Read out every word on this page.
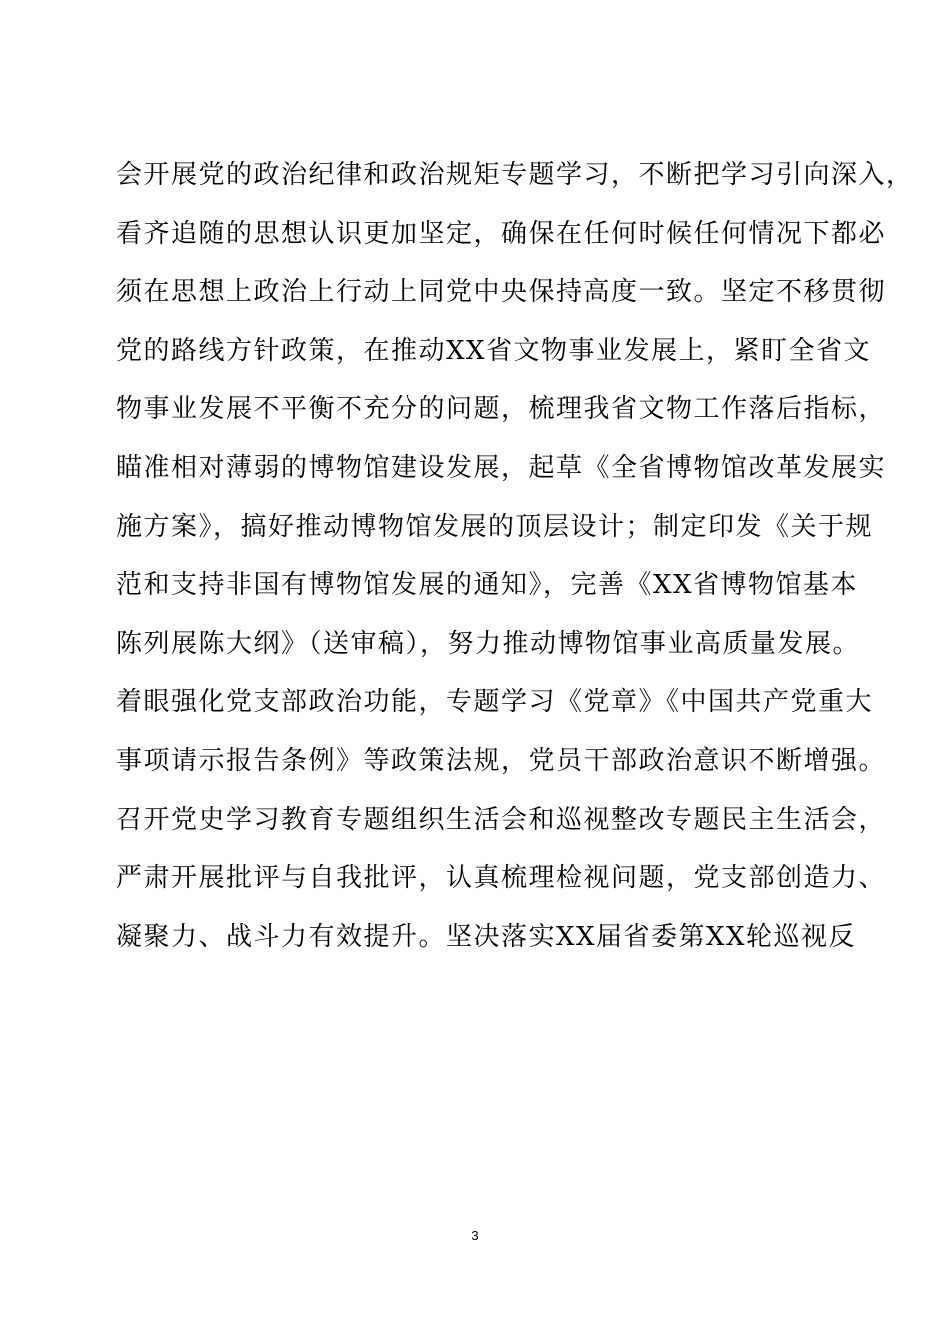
会开展党的政治纪律和政治规矩专题学习，不断把学习引向深入，
看齐追随的思想认识更加坚定，确保在任何时候任何情况下都必
须在思想上政治上行动上同党中央保持高度一致。坚定不移贯彻
党的路线方针政策，在推动XX省文物事业发展上，紧盯全省文
物事业发展不平衡不充分的问题，梳理我省文物工作落后指标，
瞄准相对薄弱的博物馆建设发展，起草《全省博物馆改革发展实
施方案》，搞好推动博物馆发展的顶层设计；制定印发《关于规
范和支持非国有博物馆发展的通知》，完善《XX省博物馆基本
陈列展陈大纲》（送审稿），努力推动博物馆事业高质量发展。
着眼强化党支部政治功能，专题学习《党章》《中国共产党重大
事项请示报告条例》等政策法规，党员干部政治意识不断增强。
召开党史学习教育专题组织生活会和巡视整改专题民主生活会，
严肃开展批评与自我批评，认真梳理检视问题，党支部创造力、
凝聚力、战斗力有效提升。坚决落实XX届省委第XX轮巡视反
3
